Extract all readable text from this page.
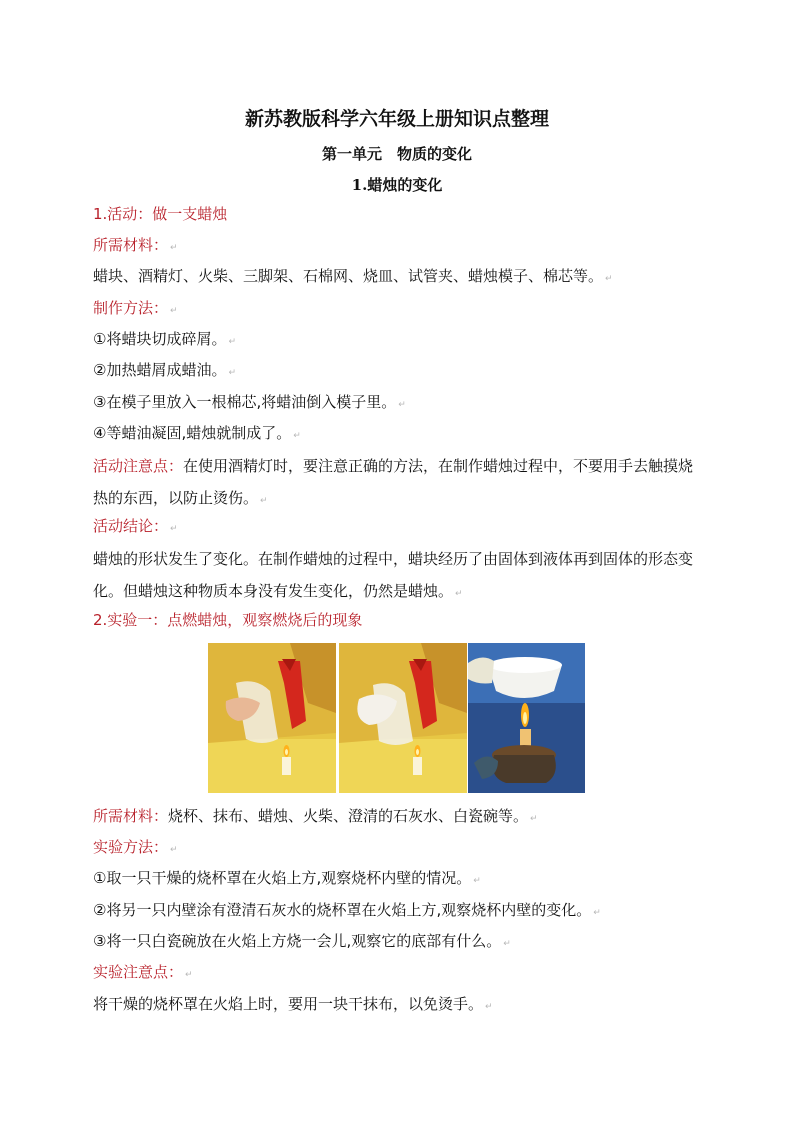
新苏教版科学六年级上册知识点整理
第一单元　物质的变化
1.蜡烛的变化
1.活动：做一支蜡烛
所需材料： ↵
蜡块、酒精灯、火柴、三脚架、石棉网、烧皿、试管夹、蜡烛模子、棉芯等。 ↵
制作方法： ↵
①将蜡块切成碎屑。 ↵
②加热蜡屑成蜡油。 ↵
③在模子里放入一根棉芯,将蜡油倒入模子里。 ↵
④等蜡油凝固,蜡烛就制成了。 ↵
活动注意点：在使用酒精灯时，要注意正确的方法，在制作蜡烛过程中，不要用手去触摸烧热的东西，以防止烫伤。 ↵
活动结论： ↵
蜡烛的形状发生了变化。在制作蜡烛的过程中，蜡块经历了由固体到液体再到固体的形态变化。但蜡烛这种物质本身没有发生变化，仍然是蜡烛。 ↵
2.实验一：点燃蜡烛，观察燃烧后的现象
所需材料：烧杯、抹布、蜡烛、火柴、澄清的石灰水、白瓷碗等。 ↵
实验方法： ↵
①取一只干燥的烧杯罩在火焰上方,观察烧杯内壁的情况。 ↵
②将另一只内壁涂有澄清石灰水的烧杯罩在火焰上方,观察烧杯内壁的变化。 ↵
③将一只白瓷碗放在火焰上方烧一会儿,观察它的底部有什么。 ↵
实验注意点： ↵
将干燥的烧杯罩在火焰上时，要用一块干抹布，以免烫手。 ↵
